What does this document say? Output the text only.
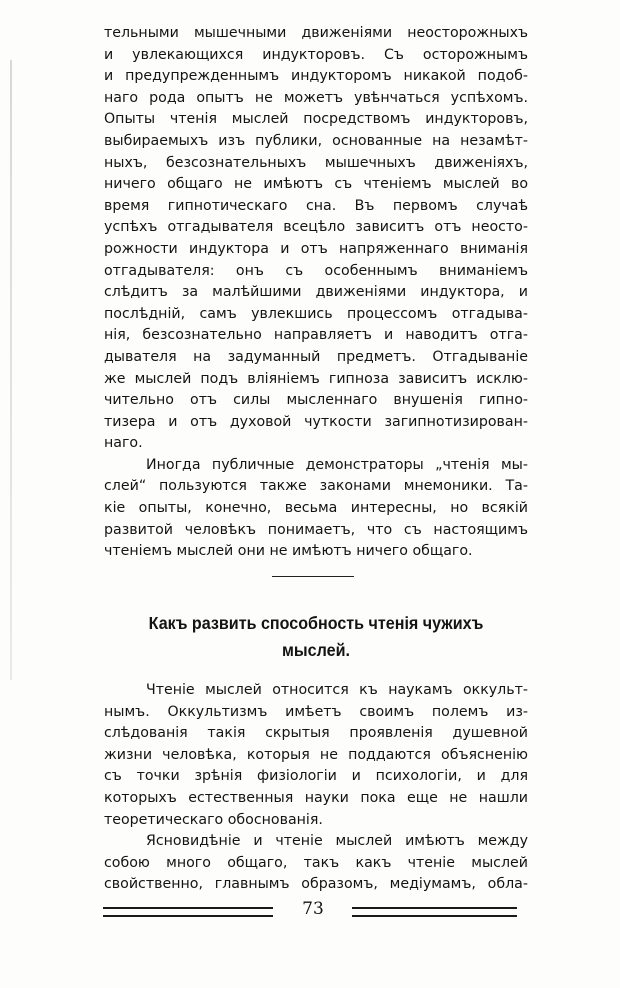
тельными мышечными движеніями неосторожныхъ
и увлекающихся индукторовъ. Съ осторожнымъ
и предупрежденнымъ индукторомъ никакой подоб-
наго рода опытъ не можетъ увѣнчаться успѣхомъ.
Опыты чтенія мыслей посредствомъ индукторовъ,
выбираемыхъ изъ публики, основанные на незамѣт-
ныхъ, безсознательныхъ мышечныхъ движеніяхъ,
ничего общаго не имѣютъ съ чтеніемъ мыслей во
время гипнотическаго сна. Въ первомъ случаѣ
успѣхъ отгадывателя всецѣло зависитъ отъ неосто-
рожности индуктора и отъ напряженнаго вниманія
отгадывателя: онъ съ особеннымъ вниманіемъ
слѣдитъ за малѣйшими движеніями индуктора, и
послѣдній, самъ увлекшись процессомъ отгадыва-
нія, безсознательно направляетъ и наводитъ отга-
дывателя на задуманный предметъ. Отгадываніе
же мыслей подъ вліяніемъ гипноза зависитъ исклю-
чительно отъ силы мысленнаго внушенія гипно-
тизера и отъ духовой чуткости загипнотизирован-
наго.
Иногда публичные демонстраторы „чтенія мы-
слей“ пользуются также законами мнемоники. Та-
кіе опыты, конечно, весьма интересны, но всякій
развитой человѣкъ понимаетъ, что съ настоящимъ
чтеніемъ мыслей они не имѣютъ ничего общаго.
Какъ развить способность чтенія чужихъ
мыслей.
Чтеніе мыслей относится къ наукамъ оккульт-
нымъ. Оккультизмъ имѣетъ своимъ полемъ из-
слѣдованія такія скрытыя проявленія душевной
жизни человѣка, которыя не поддаются объясненію
съ точки зрѣнія физіологіи и психологіи, и для
которыхъ естественныя науки пока еще не нашли
теоретическаго обоснованія.
Ясновидѣніе и чтеніе мыслей имѣютъ между
собою много общаго, такъ какъ чтеніе мыслей
свойственно, главнымъ образомъ, медіумамъ, обла-
73
